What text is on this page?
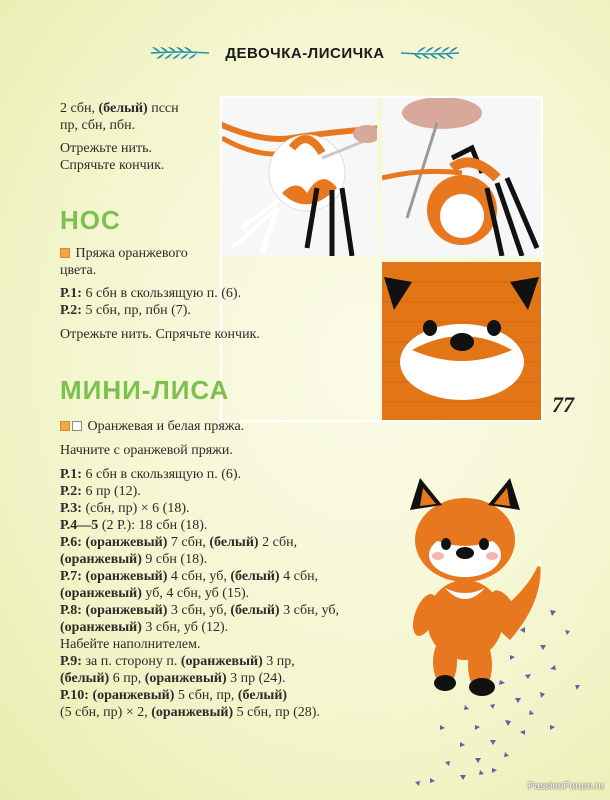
ДЕВОЧКА-ЛИСИЧКА

2 сбн, (белый) пссн

пр, сбн, пбн.

Отрежьте нить.

Спрячьте кончик.

НОС

Пряжа оранжевого

цвета.

Р.1: 6 сбн в скользящую п. (6).

Р.2: 5 сбн, пр, пбн (7).

Отрежьте нить. Спрячьте кончик.

МИНИ-ЛИСА	77

Оранжевая и белая пряжа.

Начните с оранжевой пряжи.

Р.1: 6 сбн в скользящую п. (6).

Р.2: 6 пр (12).

Р.3: (сбн, пр) × 6 (18).

Р.4—5 (2 Р.): 18 сбн (18).

Р.6: (оранжевый) 7 сбн, (белый) 2 сбн,

(оранжевый) 9 сбн (18).

Р.7: (оранжевый) 4 сбн, уб, (белый) 4 сбн,

(оранжевый) уб, 4 сбн, уб (15).

Р.8: (оранжевый) 3 сбн, уб, (белый) 3 сбн, уб,

(оранжевый) 3 сбн, уб (12).

Набейте наполнителем.

Р.9: за п. сторону п. (оранжевый) 3 пр,

(белый) 6 пр, (оранжевый) 3 пр (24).

Р.10: (оранжевый) 5 сбн, пр, (белый)

(5 сбн, пр) × 2, (оранжевый) 5 сбн, пр (28).

PassionForum.ru
